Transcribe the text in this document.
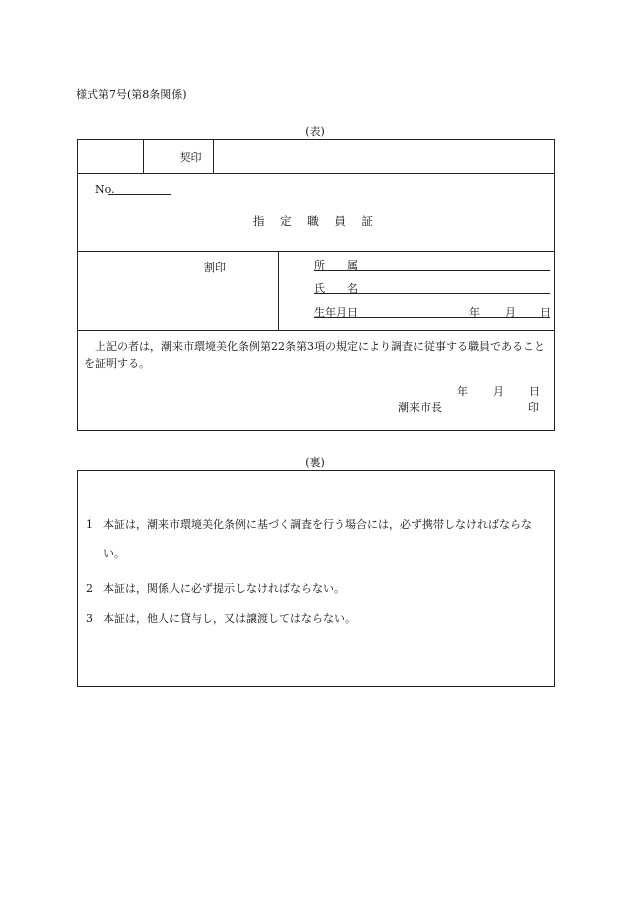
様式第7号(第8条関係)
(表)
契印
No.
指 定 職 員 証
割印	所　　属
氏　　名
生年月日	年 月 日
上記の者は，潮来市環境美化条例第22条第3項の規定により調査に従事する職員であることを証明する。
年 月 日
潮来市長	印
(裏)
1 本証は，潮来市環境美化条例に基づく調査を行う場合には，必ず携帯しなければならない。
2 本証は，関係人に必ず提示しなければならない。
3 本証は，他人に貸与し，又は譲渡してはならない。
